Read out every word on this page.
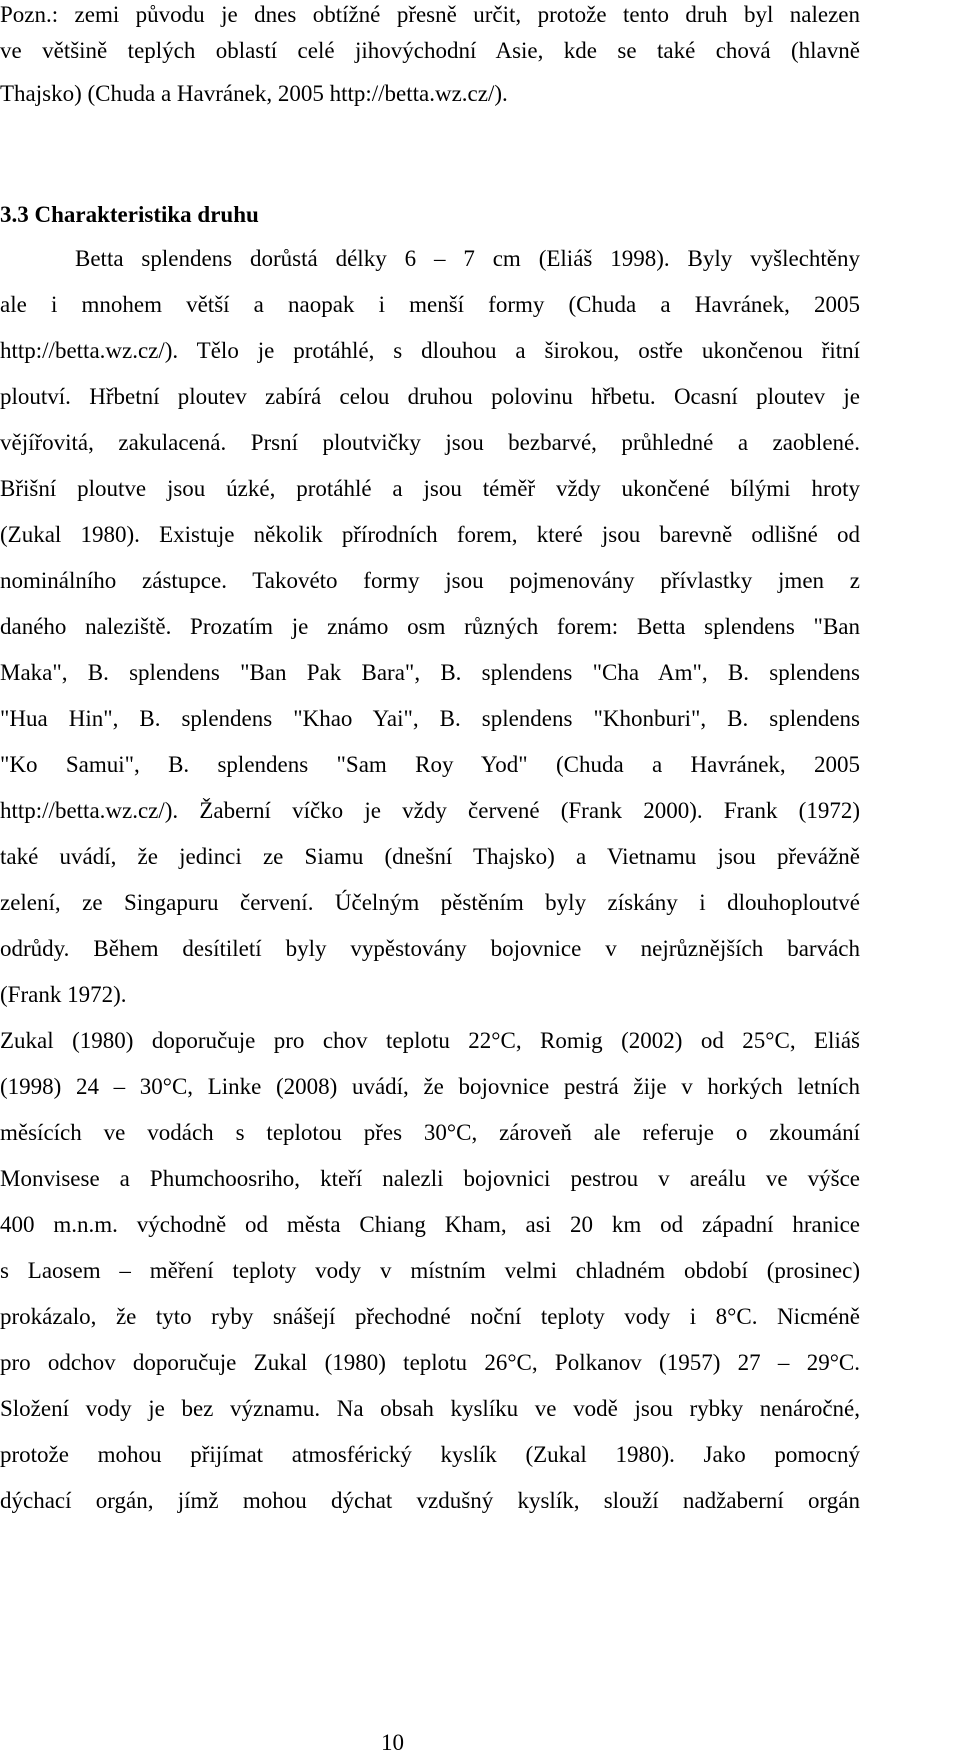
Pozn.: zemi původu je dnes obtížné přesně určit, protože tento druh byl nalezen
ve většině teplých oblastí celé jihovýchodní Asie, kde se také chová (hlavně
Thajsko) (Chuda a Havránek, 2005 http://betta.wz.cz/).
3.3 Charakteristika druhu
Betta splendens dorůstá délky 6 – 7 cm (Eliáš 1998). Byly vyšlechtěny
ale i mnohem větší a naopak i menší formy (Chuda a Havránek, 2005
http://betta.wz.cz/). Tělo je protáhlé, s dlouhou a širokou, ostře ukončenou řitní
ploutví. Hřbetní ploutev zabírá celou druhou polovinu hřbetu. Ocasní ploutev je
vějířovitá, zakulacená. Prsní ploutvičky jsou bezbarvé, průhledné a zaoblené.
Břišní ploutve jsou úzké, protáhlé a jsou téměř vždy ukončené bílými hroty
(Zukal 1980). Existuje několik přírodních forem, které jsou barevně odlišné od
nominálního zástupce. Takovéto formy jsou pojmenovány přívlastky jmen z
daného naleziště. Prozatím je známo osm různých forem: Betta splendens "Ban
Maka", B. splendens "Ban Pak Bara", B. splendens "Cha Am", B. splendens
"Hua Hin", B. splendens "Khao Yai", B. splendens "Khonburi", B. splendens
"Ko Samui", B. splendens "Sam Roy Yod" (Chuda a Havránek, 2005
http://betta.wz.cz/). Žaberní víčko je vždy červené (Frank 2000). Frank (1972)
také uvádí, že jedinci ze Siamu (dnešní Thajsko) a Vietnamu jsou převážně
zelení, ze Singapuru červení. Účelným pěstěním byly získány i dlouhoploutvé
odrůdy. Během desítiletí byly vypěstovány bojovnice v nejrůznějších barvách
(Frank 1972).
Zukal (1980) doporučuje pro chov teplotu 22°C, Romig (2002) od 25°C, Eliáš
(1998) 24 – 30°C, Linke (2008) uvádí, že bojovnice pestrá žije v horkých letních
měsících ve vodách s teplotou přes 30°C, zároveň ale referuje o zkoumání
Monvisese a Phumchoosriho, kteří nalezli bojovnici pestrou v areálu ve výšce
400 m.n.m. východně od města Chiang Kham, asi 20 km od západní hranice
s Laosem – měření teploty vody v místním velmi chladném období (prosinec)
prokázalo, že tyto ryby snášejí přechodné noční teploty vody i 8°C. Nicméně
pro odchov doporučuje Zukal (1980) teplotu 26°C, Polkanov (1957) 27 – 29°C.
Složení vody je bez významu. Na obsah kyslíku ve vodě jsou rybky nenáročné,
protože mohou přijímat atmosférický kyslík (Zukal 1980). Jako pomocný
dýchací orgán, jímž mohou dýchat vzdušný kyslík, slouží nadžaberní orgán
10
